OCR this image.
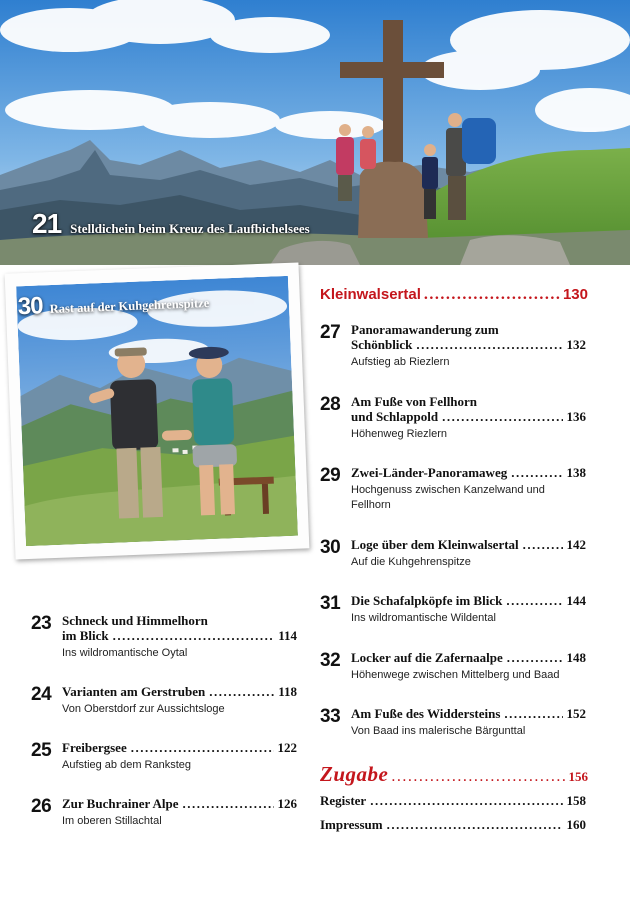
21 Stelldichein beim Kreuz des Laufbichelsees
30 Rast auf der Kuhgehrenspitze
23 Schneck und Himmelhorn
im Blick .....	114
Ins wildromantische Oytal
24 Varianten am Gerstruben .....	118
Von Oberstdorf zur Aussichtsloge
25 Freibergsee .....	122
Aufstieg ab dem Ranksteg
26 Zur Buchrainer Alpe .....	126
Im oberen Stillachtal
Kleinwalsertal .....	130
27 Panoramawanderung zum
Schönblick .....	132
Aufstieg ab Riezlern
28 Am Fuße von Fellhorn
und Schlappold .....	136
Höhenweg Riezlern
29 Zwei-Länder-Panoramaweg .....	138
Hochgenuss zwischen Kanzelwand und Fellhorn
30 Loge über dem Kleinwalsertal .....	142
Auf die Kuhgehrenspitze
31 Die Schafalpköpfe im Blick .....	144
Ins wildromantische Wildental
32 Locker auf die Zafernaalpe .....	148
Höhenwege zwischen Mittelberg und Baad
33 Am Fuße des Widdersteins .....	152
Von Baad ins malerische Bärgunttal
Zugabe .....	156
Register .....	158
Impressum .....	160
